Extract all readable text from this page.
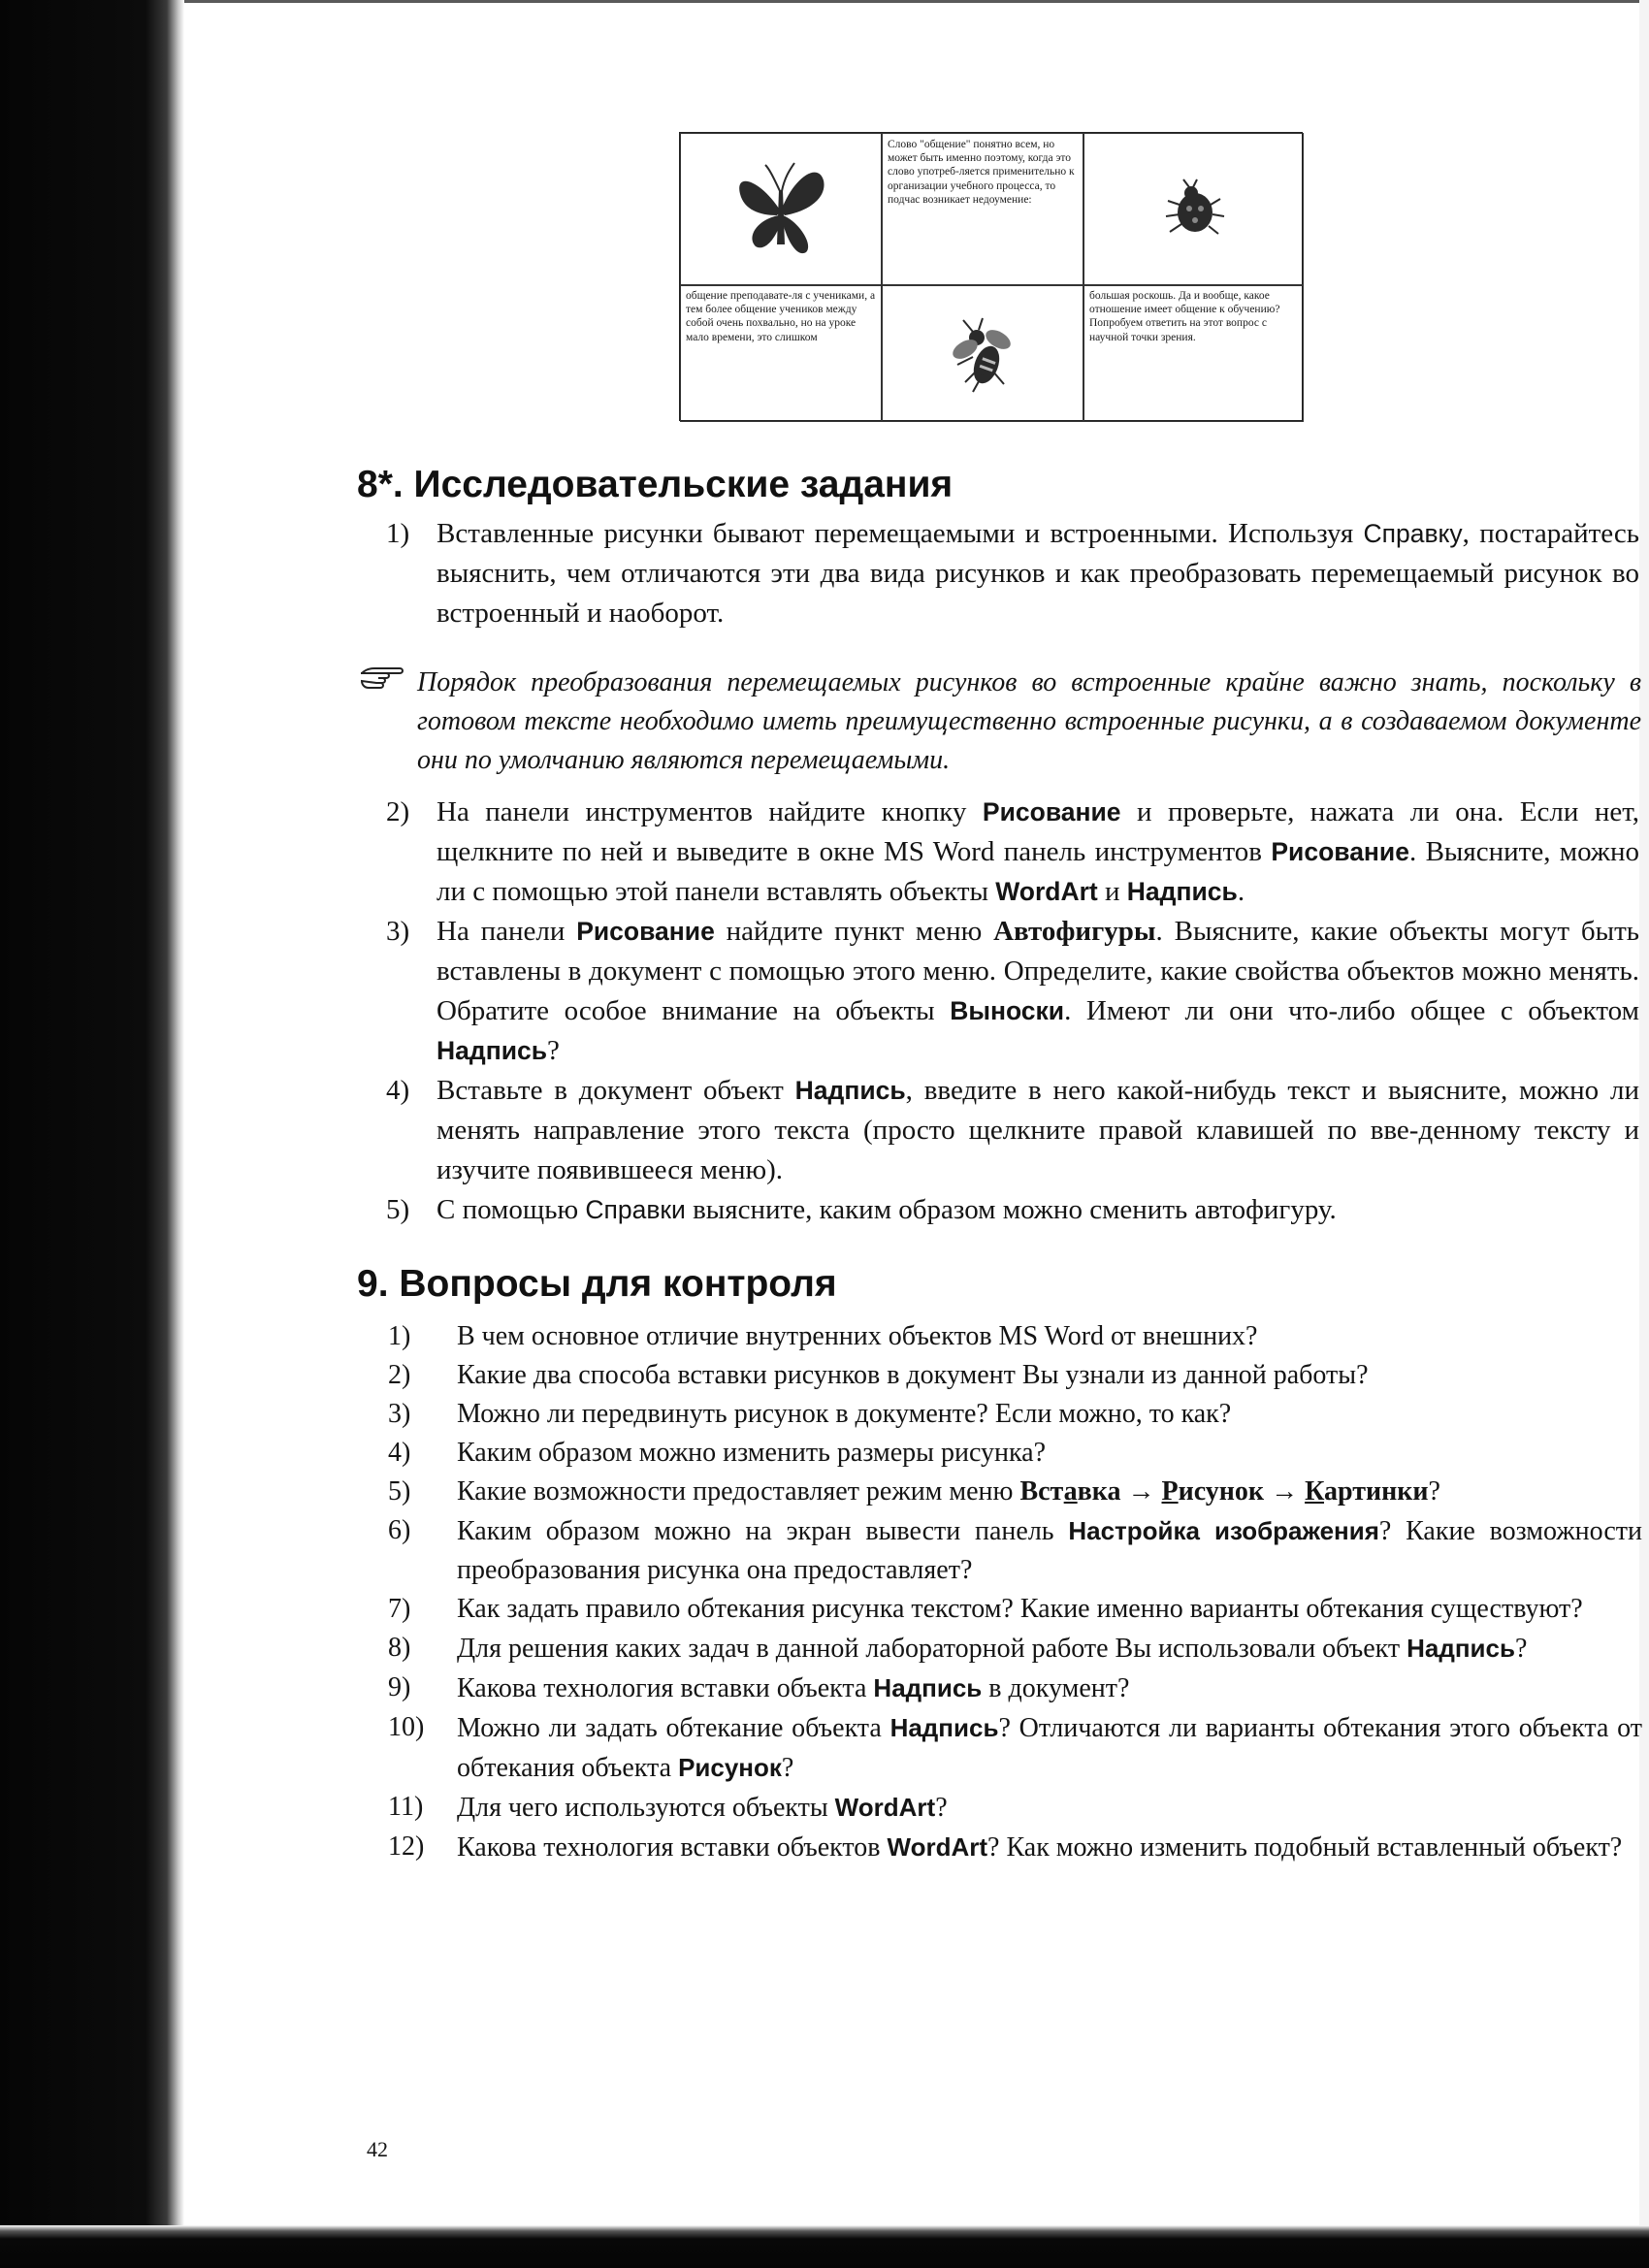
Слово "общение" понятно всем, но может быть именно поэтому, когда это слово употреб-ляется применительно к организации учебного процесса, то подчас возникает недоумение:
общение преподавате-ля с учениками, а тем более общение учеников между собой очень похвально, но на уроке мало времени, это слишком
большая роскошь. Да и вообще, какое отношение имеет общение к обучению? Попробуем ответить на этот вопрос с научной точки зрения.
8*. Исследовательские задания
1) Вставленные рисунки бывают перемещаемыми и встроенными. Используя Справку, постарайтесь выяснить, чем отличаются эти два вида рисунков и как преобразовать перемещаемый рисунок во встроенный и наоборот.
Порядок преобразования перемещаемых рисунков во встроенные крайне важно знать, поскольку в готовом тексте необходимо иметь преимущественно встроенные рисунки, а в создаваемом документе они по умолчанию являются перемещаемыми.
2) На панели инструментов найдите кнопку Рисование и проверьте, нажата ли она. Если нет, щелкните по ней и выведите в окне MS Word панель инструментов Рисование. Выясните, можно ли с помощью этой панели вставлять объекты WordArt и Надпись.
3) На панели Рисование найдите пункт меню Автофигуры. Выясните, какие объекты могут быть вставлены в документ с помощью этого меню. Определите, какие свойства объектов можно менять. Обратите особое внимание на объекты Выноски. Имеют ли они что-либо общее с объектом Надпись?
4) Вставьте в документ объект Надпись, введите в него какой-нибудь текст и выясните, можно ли менять направление этого текста (просто щелкните правой клавишей по вве-денному тексту и изучите появившееся меню).
5) С помощью Справки выясните, каким образом можно сменить автофигуру.
9. Вопросы для контроля
1) В чем основное отличие внутренних объектов MS Word от внешних?
2) Какие два способа вставки рисунков в документ Вы узнали из данной работы?
3) Можно ли передвинуть рисунок в документе? Если можно, то как?
4) Каким образом можно изменить размеры рисунка?
5) Какие возможности предоставляет режим меню Вставка → Рисунок → Картинки?
6) Каким образом можно на экран вывести панель Настройка изображения? Какие возможности преобразования рисунка она предоставляет?
7) Как задать правило обтекания рисунка текстом? Какие именно варианты обтекания существуют?
8) Для решения каких задач в данной лабораторной работе Вы использовали объект Надпись?
9) Какова технология вставки объекта Надпись в документ?
10) Можно ли задать обтекание объекта Надпись? Отличаются ли варианты обтекания этого объекта от обтекания объекта Рисунок?
11) Для чего используются объекты WordArt?
12) Какова технология вставки объектов WordArt? Как можно изменить подобный вставленный объект?
42
